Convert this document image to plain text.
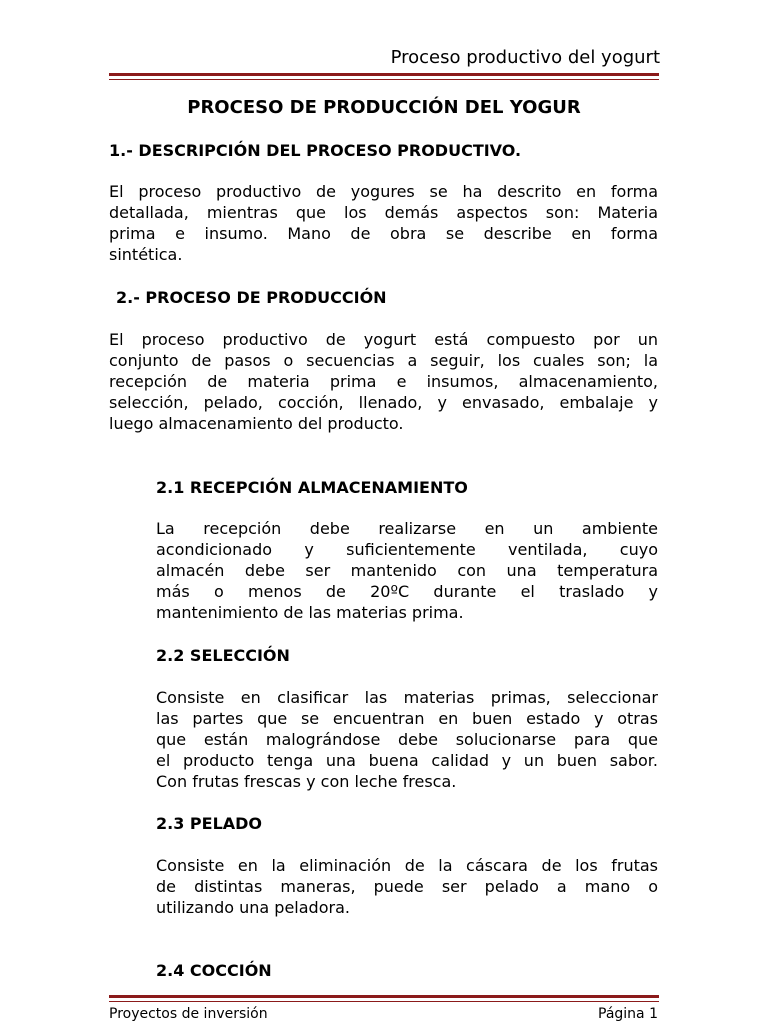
Proceso productivo del yogurt
PROCESO DE PRODUCCIÓN DEL YOGUR
1.- DESCRIPCIÓN DEL PROCESO PRODUCTIVO.
El proceso productivo de yogures se ha descrito en forma
detallada, mientras que los demás aspectos son: Materia
prima e insumo. Mano de obra se describe en forma
sintética.
2.- PROCESO DE PRODUCCIÓN
El proceso productivo de yogurt está compuesto por un
conjunto de pasos o secuencias a seguir, los cuales son; la
recepción de materia prima e insumos, almacenamiento,
selección, pelado, cocción, llenado, y envasado, embalaje y
luego almacenamiento del producto.
2.1 RECEPCIÓN ALMACENAMIENTO
La recepción debe realizarse en un ambiente
acondicionado y suficientemente ventilada, cuyo
almacén debe ser mantenido con una temperatura
más o menos de 20ºC durante el traslado y
mantenimiento de las materias prima.
2.2 SELECCIÓN
Consiste en clasificar las materias primas, seleccionar
las partes que se encuentran en buen estado y otras
que están malográndose debe solucionarse para que
el producto tenga una buena calidad y un buen sabor.
Con frutas frescas y con leche fresca.
2.3 PELADO
Consiste en la eliminación de la cáscara de los frutas
de distintas maneras, puede ser pelado a mano o
utilizando una peladora.
2.4 COCCIÓN
Proyectos de inversión	Página 1
